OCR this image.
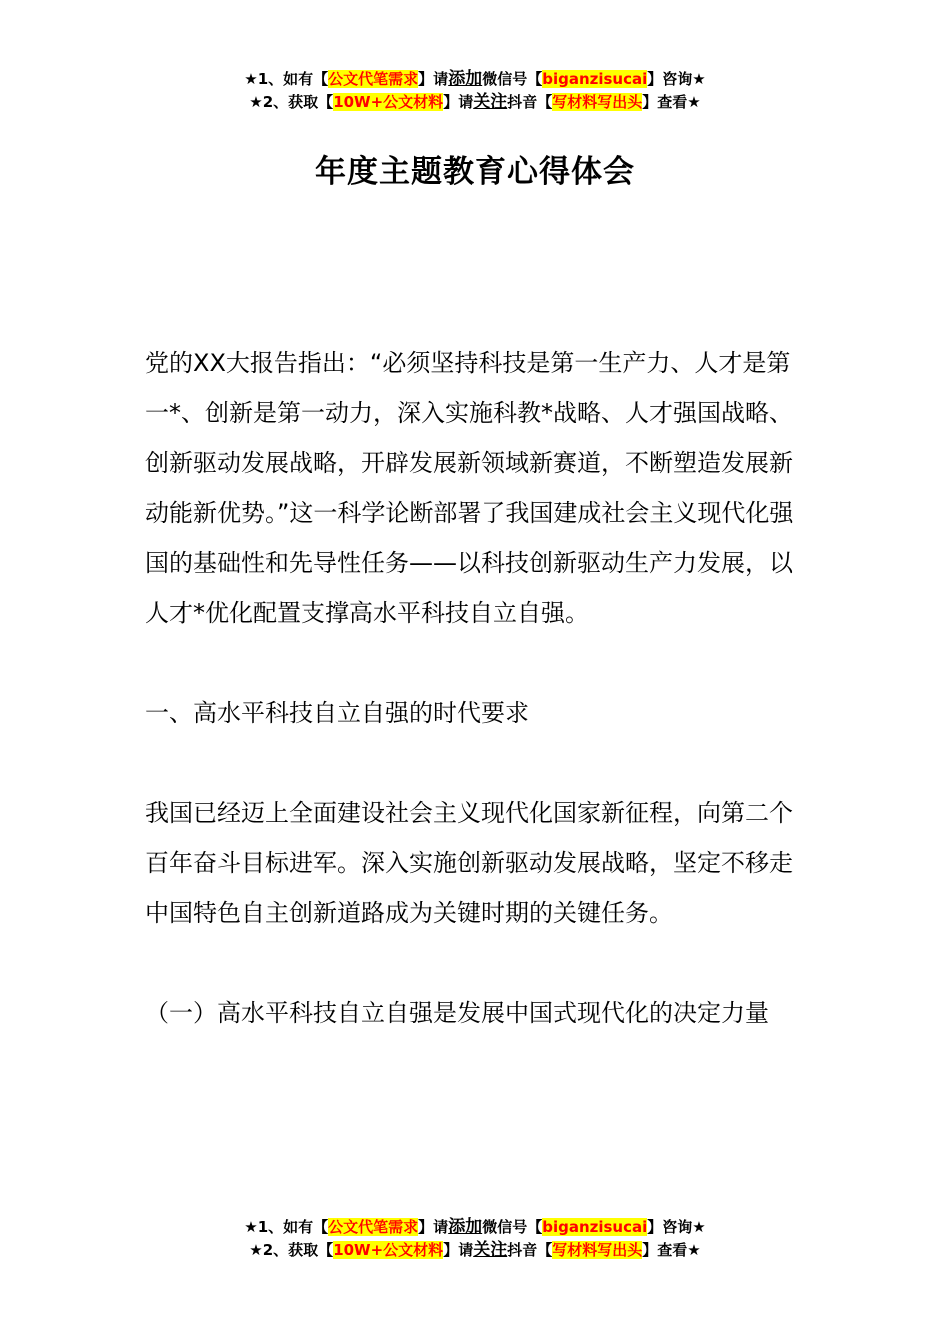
★1、如有【公文代笔需求】请添加微信号【biganzisucai】咨询★
★2、获取【10W+公文材料】请关注抖音【写材料写出头】查看★
年度主题教育心得体会

党的XX大报告指出：“必须坚持科技是第一生产力、人才是第一*、创新是第一动力，深入实施科教*战略、人才强国战略、创新驱动发展战略，开辟发展新领域新赛道，不断塑造发展新动能新优势。”这一科学论断部署了我国建成社会主义现代化强国的基础性和先导性任务——以科技创新驱动生产力发展，以人才*优化配置支撑高水平科技自立自强。

一、高水平科技自立自强的时代要求

我国已经迈上全面建设社会主义现代化国家新征程，向第二个百年奋斗目标进军。深入实施创新驱动发展战略，坚定不移走中国特色自主创新道路成为关键时期的关键任务。

（一）高水平科技自立自强是发展中国式现代化的决定力量

★1、如有【公文代笔需求】请添加微信号【biganzisucai】咨询★
★2、获取【10W+公文材料】请关注抖音【写材料写出头】查看★
